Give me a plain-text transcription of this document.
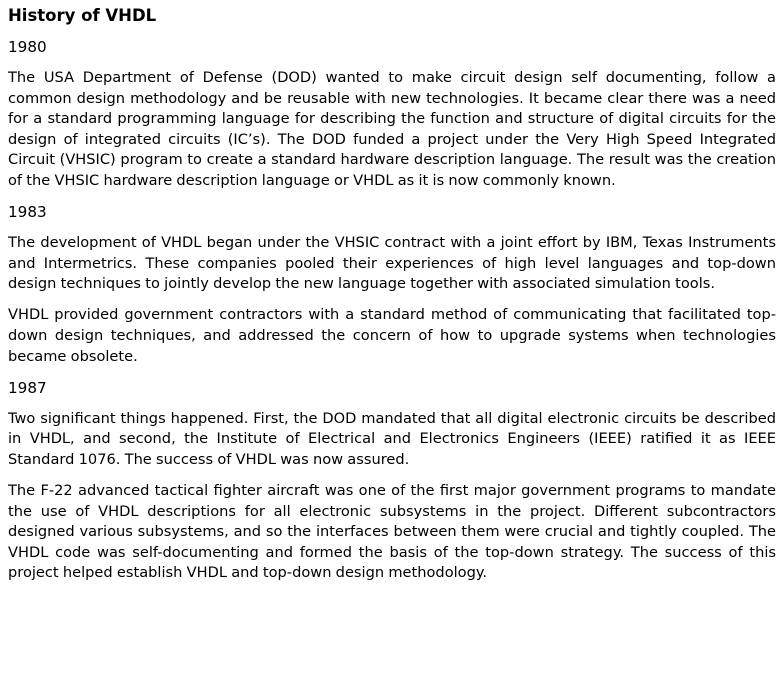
History of VHDL
1980
The USA Department of Defense (DOD) wanted to make circuit design self documenting, follow a common design methodology and be reusable with new technologies. It became clear there was a need for a standard programming language for describing the function and structure of digital circuits for the design of integrated circuits (IC’s). The DOD funded a project under the Very High Speed Integrated Circuit (VHSIC) program to create a standard hardware description language. The result was the creation of the VHSIC hardware description language or VHDL as it is now commonly known.
1983
The development of VHDL began under the VHSIC contract with a joint effort by IBM, Texas Instruments and Intermetrics. These companies pooled their experiences of high level languages and top-down design techniques to jointly develop the new language together with associated simulation tools.
VHDL provided government contractors with a standard method of communicating that facilitated top-down design techniques, and addressed the concern of how to upgrade systems when technologies became obsolete.
1987
Two significant things happened. First, the DOD mandated that all digital electronic circuits be described in VHDL, and second, the Institute of Electrical and Electronics Engineers (IEEE) ratified it as IEEE Standard 1076. The success of VHDL was now assured.
The F-22 advanced tactical fighter aircraft was one of the first major government programs to mandate the use of VHDL descriptions for all electronic subsystems in the project. Different subcontractors designed various subsystems, and so the interfaces between them were crucial and tightly coupled. The VHDL code was self-documenting and formed the basis of the top-down strategy. The success of this project helped establish VHDL and top-down design methodology.
